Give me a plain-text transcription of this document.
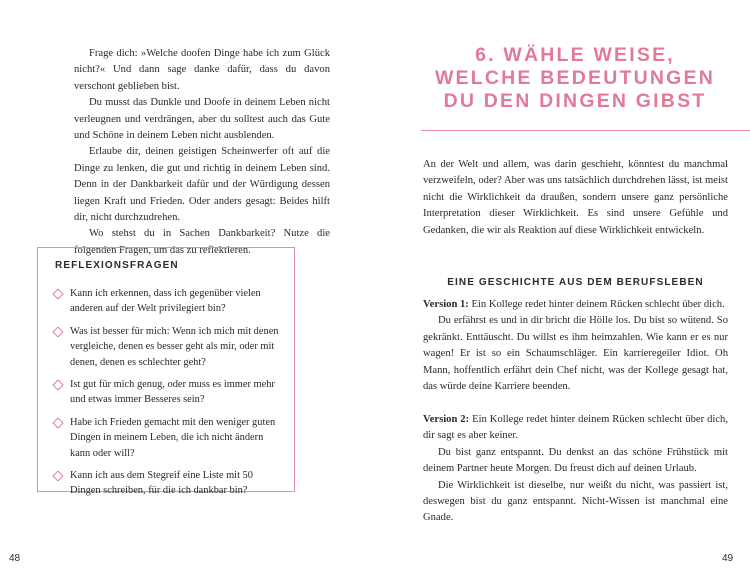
Frage dich: »Welche doofen Dinge habe ich zum Glück nicht?« Und dann sage danke dafür, dass du davon verschont geblieben bist.

Du musst das Dunkle und Doofe in deinem Leben nicht verleugnen und verdrängen, aber du solltest auch das Gute und Schöne in deinem Leben nicht ausblenden.

Erlaube dir, deinen geistigen Scheinwerfer oft auf die Dinge zu lenken, die gut und richtig in deinem Leben sind. Denn in der Dankbarkeit dafür und der Würdigung dessen liegen Kraft und Frieden. Oder anders gesagt: Beides hilft dir, nicht durchzudrehen.

Wo stehst du in Sachen Dankbarkeit? Nutze die folgenden Fragen, um das zu reflektieren.

REFLEXIONSFRAGEN
Kann ich erkennen, dass ich gegenüber vielen anderen auf der Welt privilegiert bin?
Was ist besser für mich: Wenn ich mich mit denen vergleiche, denen es besser geht als mir, oder mit denen, denen es schlechter geht?
Ist gut für mich genug, oder muss es immer mehr und etwas immer Besseres sein?
Habe ich Frieden gemacht mit den weniger guten Dingen in meinem Leben, die ich nicht ändern kann oder will?
Kann ich aus dem Stegreif eine Liste mit 50 Dingen schreiben, für die ich dankbar bin?
48
6. WÄHLE WEISE, WELCHE BEDEUTUNGEN DU DEN DINGEN GIBST

An der Welt und allem, was darin geschieht, könntest du manchmal verzweifeln, oder? Aber was uns tatsächlich durchdrehen lässt, ist meist nicht die Wirklichkeit da draußen, sondern unsere ganz persönliche Interpretation dieser Wirklichkeit. Es sind unsere Gefühle und Gedanken, die wir als Reaktion auf diese Wirklichkeit entwickeln.

EINE GESCHICHTE AUS DEM BERUFSLEBEN

Version 1: Ein Kollege redet hinter deinem Rücken schlecht über dich.

Du erfährst es und in dir bricht die Hölle los. Du bist so wütend. So gekränkt. Enttäuscht. Du willst es ihm heimzahlen. Wie kann er es nur wagen! Er ist so ein Schaumschläger. Ein karrieregeiler Idiot. Oh Mann, hoffentlich erfährt dein Chef nicht, was der Kollege gesagt hat, das würde deine Karriere beenden.

Version 2: Ein Kollege redet hinter deinem Rücken schlecht über dich, dir sagt es aber keiner.

Du bist ganz entspannt. Du denkst an das schöne Frühstück mit deinem Partner heute Morgen. Du freust dich auf deinen Urlaub.

Die Wirklichkeit ist dieselbe, nur weißt du nicht, was passiert ist, deswegen bist du ganz entspannt. Nicht-Wissen ist manchmal eine Gnade.

49
